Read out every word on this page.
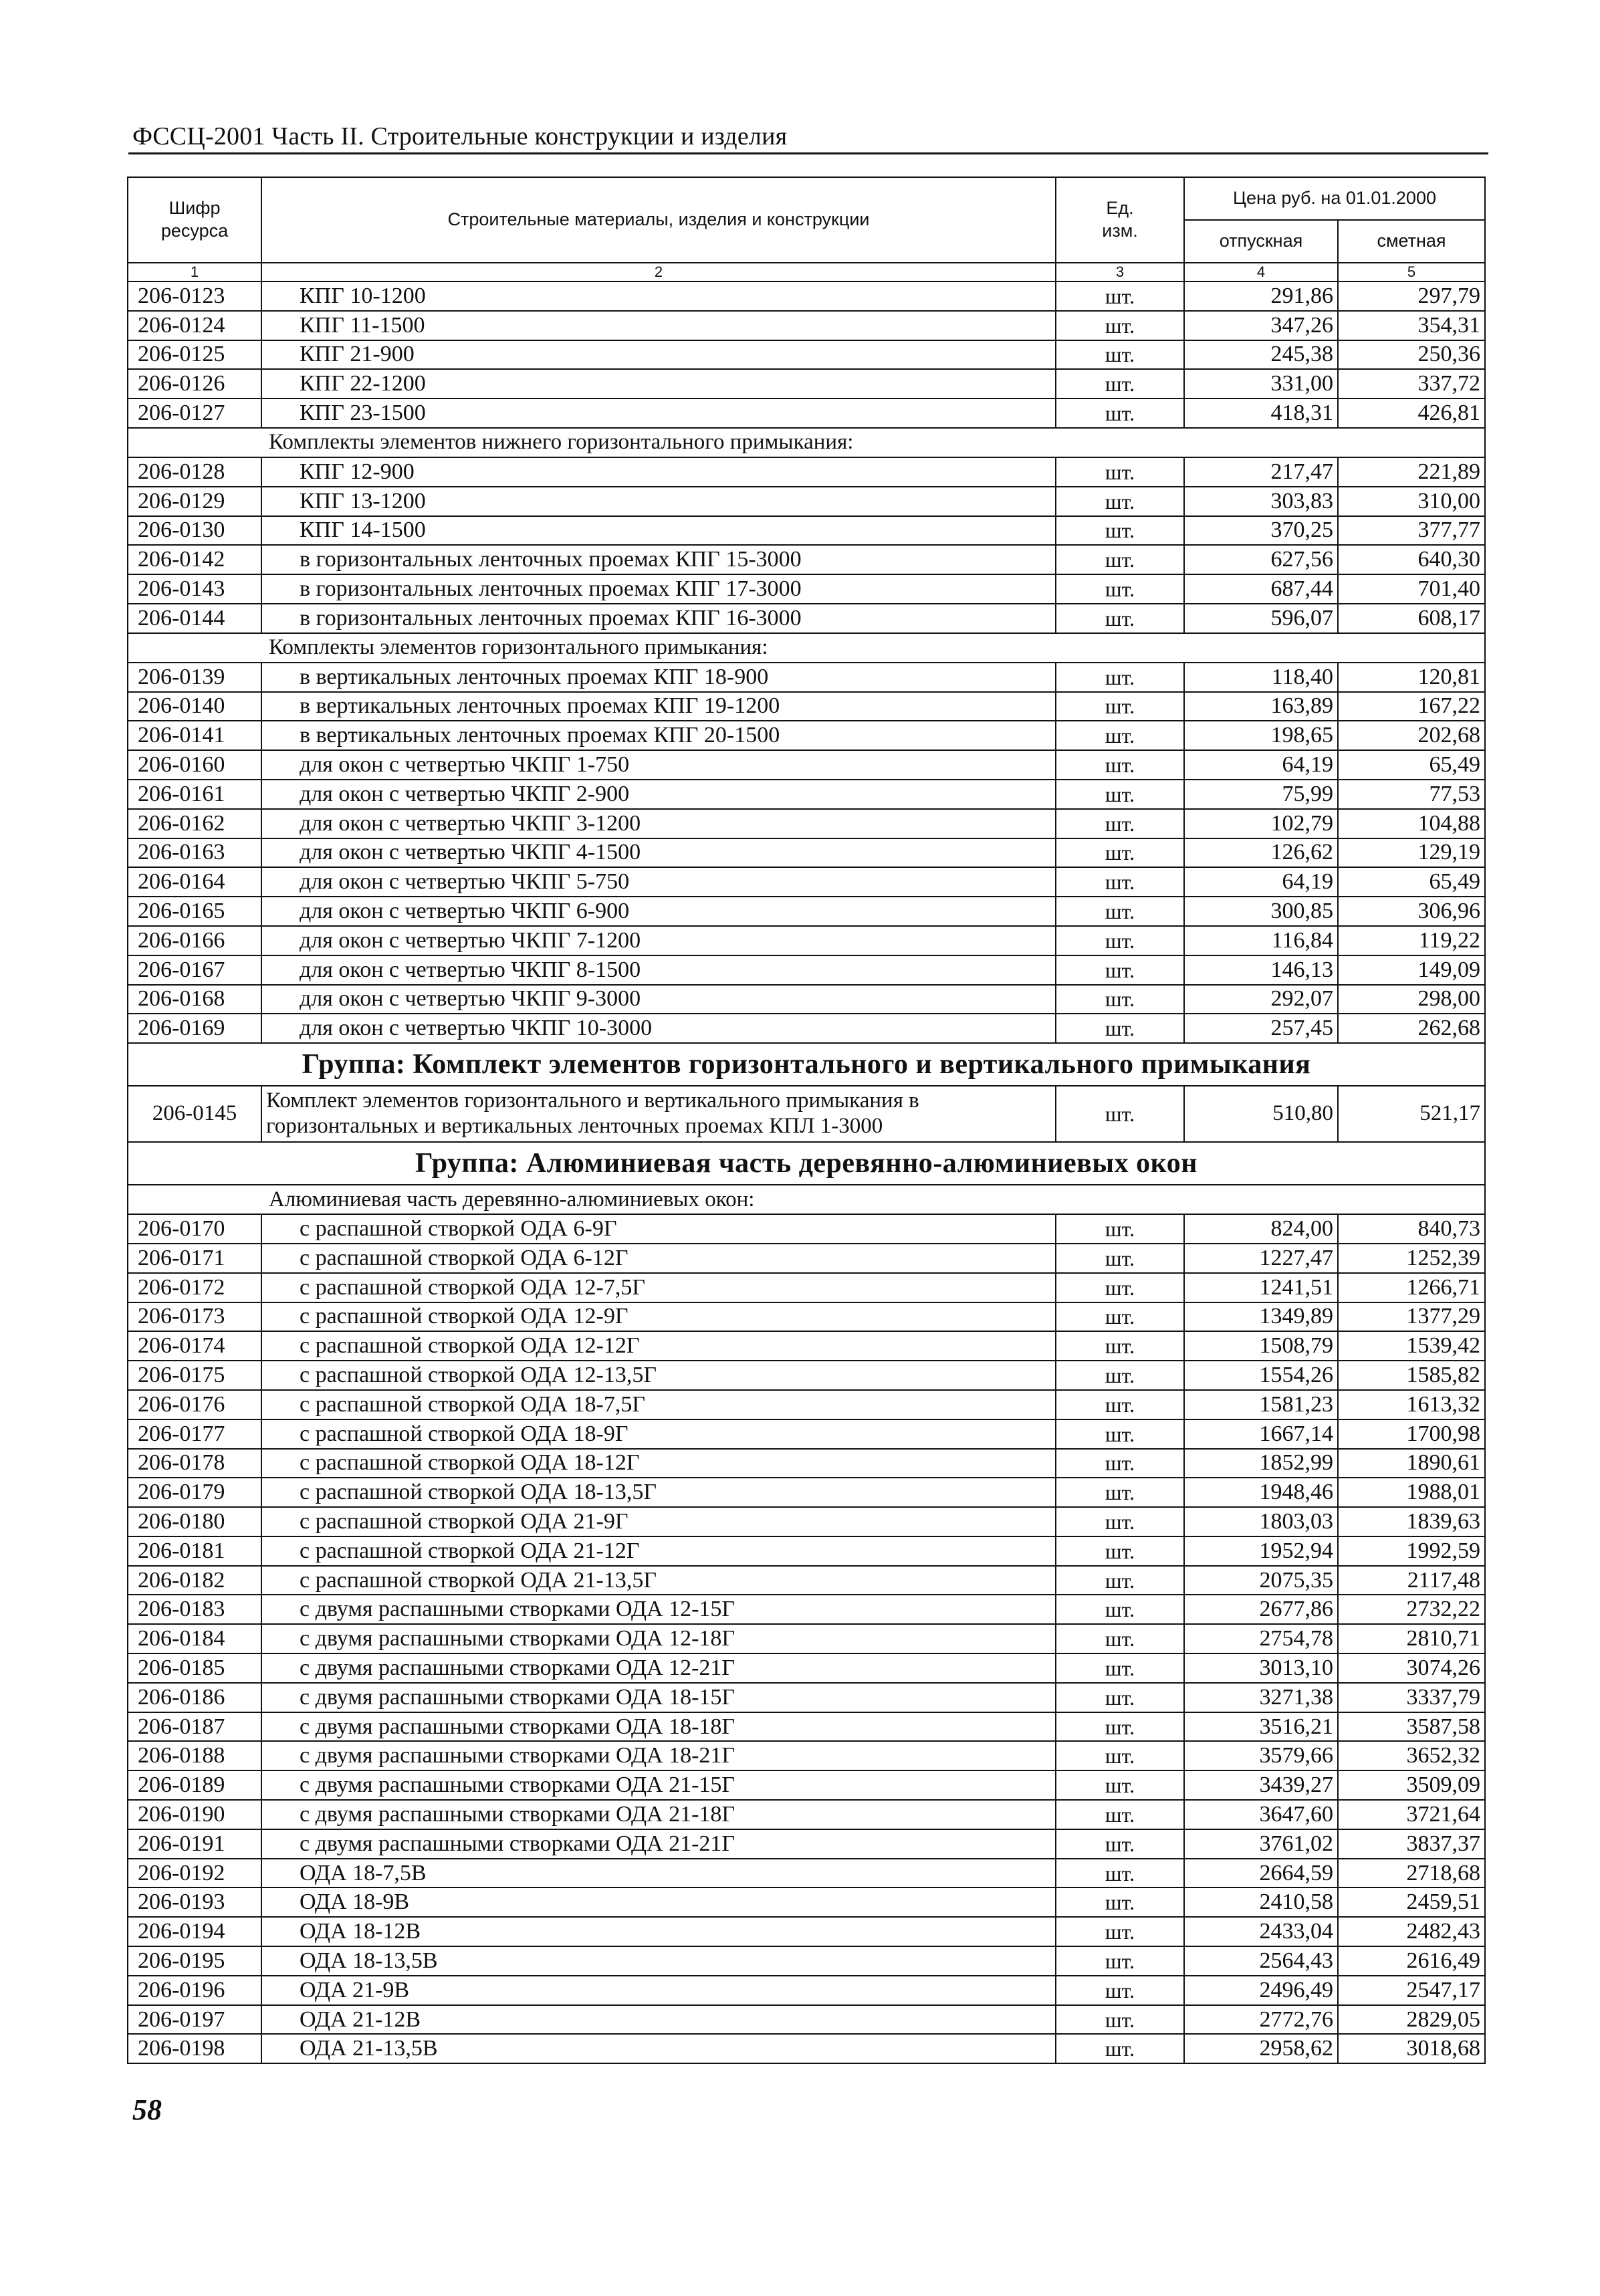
ФССЦ-2001 Часть II. Строительные конструкции и изделия
Шифр ресурса	Строительные материалы, изделия и конструкции	Ед. изм.	Цена руб. на 01.01.2000	
			отпускная	сметная
1	2	3	4	5
206-0123	КПГ 10-1200	шт.	291,86	297,79
206-0124	КПГ 11-1500	шт.	347,26	354,31
206-0125	КПГ 21-900	шт.	245,38	250,36
206-0126	КПГ 22-1200	шт.	331,00	337,72
206-0127	КПГ 23-1500	шт.	418,31	426,81
Комплекты элементов нижнего горизонтального примыкания:				
206-0128	КПГ 12-900	шт.	217,47	221,89
206-0129	КПГ 13-1200	шт.	303,83	310,00
206-0130	КПГ 14-1500	шт.	370,25	377,77
206-0142	в горизонтальных ленточных проемах КПГ 15-3000	шт.	627,56	640,30
206-0143	в горизонтальных ленточных проемах КПГ 17-3000	шт.	687,44	701,40
206-0144	в горизонтальных ленточных проемах КПГ 16-3000	шт.	596,07	608,17
Комплекты элементов горизонтального примыкания:				
206-0139	в вертикальных ленточных проемах КПГ 18-900	шт.	118,40	120,81
206-0140	в вертикальных ленточных проемах КПГ 19-1200	шт.	163,89	167,22
206-0141	в вертикальных ленточных проемах КПГ 20-1500	шт.	198,65	202,68
206-0160	для окон с четвертью ЧКПГ 1-750	шт.	64,19	65,49
206-0161	для окон с четвертью ЧКПГ 2-900	шт.	75,99	77,53
206-0162	для окон с четвертью ЧКПГ 3-1200	шт.	102,79	104,88
206-0163	для окон с четвертью ЧКПГ 4-1500	шт.	126,62	129,19
206-0164	для окон с четвертью ЧКПГ 5-750	шт.	64,19	65,49
206-0165	для окон с четвертью ЧКПГ 6-900	шт.	300,85	306,96
206-0166	для окон с четвертью ЧКПГ 7-1200	шт.	116,84	119,22
206-0167	для окон с четвертью ЧКПГ 8-1500	шт.	146,13	149,09
206-0168	для окон с четвертью ЧКПГ 9-3000	шт.	292,07	298,00
206-0169	для окон с четвертью ЧКПГ 10-3000	шт.	257,45	262,68
Группа: Комплект элементов горизонтального и вертикального примыкания				
206-0145	Комплект элементов горизонтального и вертикального примыкания в горизонтальных и вертикальных ленточных проемах КПЛ 1-3000	шт.	510,80	521,17
Группа: Алюминиевая часть деревянно-алюминиевых окон				
Алюминиевая часть деревянно-алюминиевых окон:				
206-0170	с распашной створкой ОДА 6-9Г	шт.	824,00	840,73
206-0171	с распашной створкой ОДА 6-12Г	шт.	1227,47	1252,39
206-0172	с распашной створкой ОДА 12-7,5Г	шт.	1241,51	1266,71
206-0173	с распашной створкой ОДА 12-9Г	шт.	1349,89	1377,29
206-0174	с распашной створкой ОДА 12-12Г	шт.	1508,79	1539,42
206-0175	с распашной створкой ОДА 12-13,5Г	шт.	1554,26	1585,82
206-0176	с распашной створкой ОДА 18-7,5Г	шт.	1581,23	1613,32
206-0177	с распашной створкой ОДА 18-9Г	шт.	1667,14	1700,98
206-0178	с распашной створкой ОДА 18-12Г	шт.	1852,99	1890,61
206-0179	с распашной створкой ОДА 18-13,5Г	шт.	1948,46	1988,01
206-0180	с распашной створкой ОДА 21-9Г	шт.	1803,03	1839,63
206-0181	с распашной створкой ОДА 21-12Г	шт.	1952,94	1992,59
206-0182	с распашной створкой ОДА 21-13,5Г	шт.	2075,35	2117,48
206-0183	с двумя распашными створками ОДА 12-15Г	шт.	2677,86	2732,22
206-0184	с двумя распашными створками ОДА 12-18Г	шт.	2754,78	2810,71
206-0185	с двумя распашными створками ОДА 12-21Г	шт.	3013,10	3074,26
206-0186	с двумя распашными створками ОДА 18-15Г	шт.	3271,38	3337,79
206-0187	с двумя распашными створками ОДА 18-18Г	шт.	3516,21	3587,58
206-0188	с двумя распашными створками ОДА 18-21Г	шт.	3579,66	3652,32
206-0189	с двумя распашными створками ОДА 21-15Г	шт.	3439,27	3509,09
206-0190	с двумя распашными створками ОДА 21-18Г	шт.	3647,60	3721,64
206-0191	с двумя распашными створками ОДА 21-21Г	шт.	3761,02	3837,37
206-0192	ОДА 18-7,5В	шт.	2664,59	2718,68
206-0193	ОДА 18-9В	шт.	2410,58	2459,51
206-0194	ОДА 18-12В	шт.	2433,04	2482,43
206-0195	ОДА 18-13,5В	шт.	2564,43	2616,49
206-0196	ОДА 21-9В	шт.	2496,49	2547,17
206-0197	ОДА 21-12В	шт.	2772,76	2829,05
206-0198	ОДА 21-13,5В	шт.	2958,62	3018,68
58
